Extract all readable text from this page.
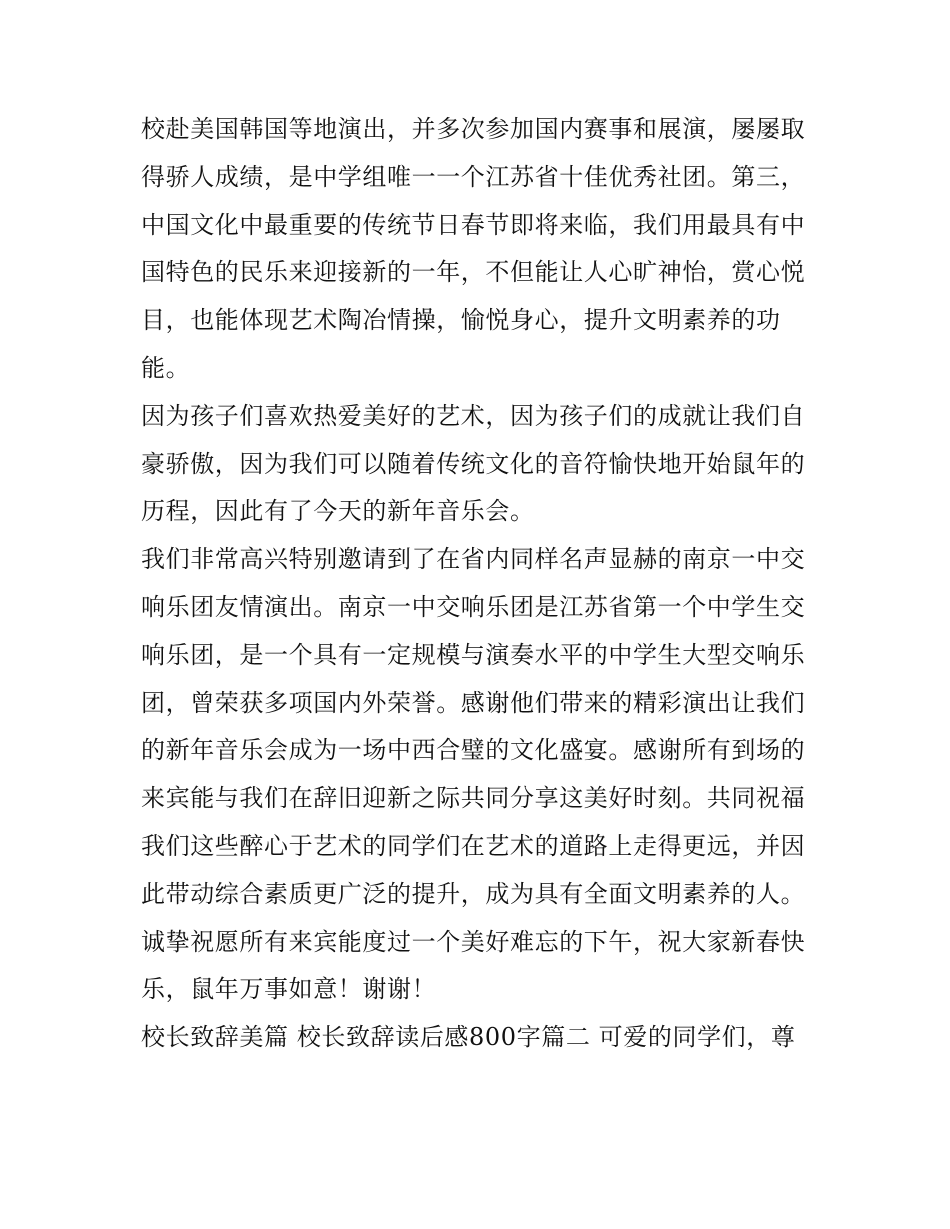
校赴美国韩国等地演出，并多次参加国内赛事和展演，屡屡取
得骄人成绩，是中学组唯一一个江苏省十佳优秀社团。第三，
中国文化中最重要的传统节日春节即将来临，我们用最具有中
国特色的民乐来迎接新的一年，不但能让人心旷神怡，赏心悦
目，也能体现艺术陶冶情操，愉悦身心，提升文明素养的功
能。
因为孩子们喜欢热爱美好的艺术，因为孩子们的成就让我们自
豪骄傲，因为我们可以随着传统文化的音符愉快地开始鼠年的
历程，因此有了今天的新年音乐会。
我们非常高兴特别邀请到了在省内同样名声显赫的南京一中交
响乐团友情演出。南京一中交响乐团是江苏省第一个中学生交
响乐团，是一个具有一定规模与演奏水平的中学生大型交响乐
团，曾荣获多项国内外荣誉。感谢他们带来的精彩演出让我们
的新年音乐会成为一场中西合璧的文化盛宴。感谢所有到场的
来宾能与我们在辞旧迎新之际共同分享这美好时刻。共同祝福
我们这些醉心于艺术的同学们在艺术的道路上走得更远，并因
此带动综合素质更广泛的提升，成为具有全面文明素养的人。
诚挚祝愿所有来宾能度过一个美好难忘的下午，祝大家新春快
乐，鼠年万事如意！谢谢！
校长致辞美篇 校长致辞读后感800字篇二 可爱的同学们，尊
